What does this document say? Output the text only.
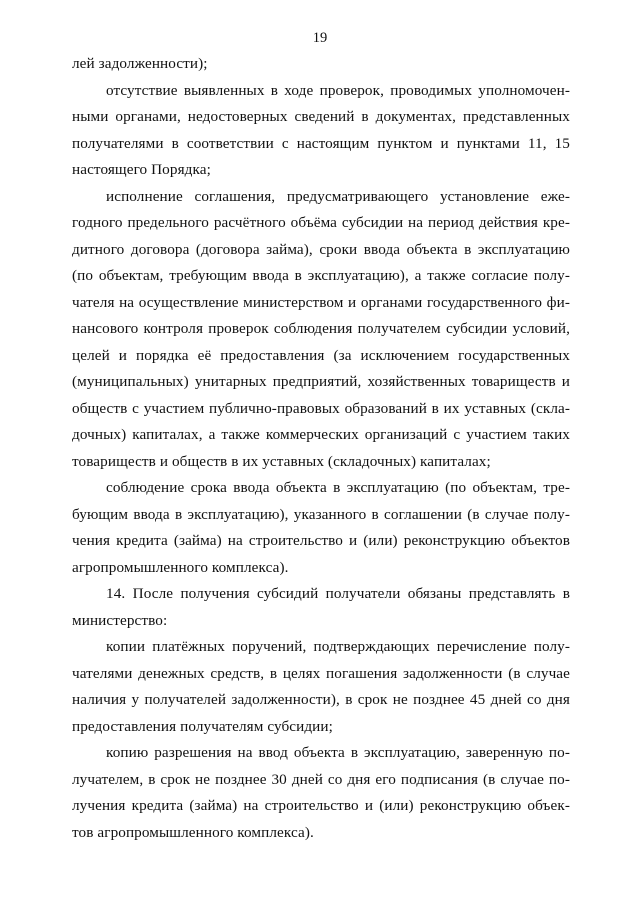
19
лей задолженности);
отсутствие выявленных в ходе проверок, проводимых уполномочен-
ными органами, недостоверных сведений в документах, представленных
получателями в соответствии с настоящим пунктом и пунктами 11, 15
настоящего Порядка;
исполнение соглашения, предусматривающего установление еже-
годного предельного расчётного объёма субсидии на период действия кре-
дитного договора (договора займа), сроки ввода объекта в эксплуатацию
(по объектам, требующим ввода в эксплуатацию), а также согласие полу-
чателя на осуществление министерством и органами государственного фи-
нансового контроля проверок соблюдения получателем субсидии условий,
целей и порядка её предоставления (за исключением государственных
(муниципальных) унитарных предприятий, хозяйственных товариществ и
обществ с участием публично-правовых образований в их уставных (скла-
дочных) капиталах, а также коммерческих организаций с участием таких
товариществ и обществ в их уставных (складочных) капиталах;
соблюдение срока ввода объекта в эксплуатацию (по объектам, тре-
бующим ввода в эксплуатацию), указанного в соглашении (в случае полу-
чения кредита (займа) на строительство и (или) реконструкцию объектов
агропромышленного комплекса).
14. После получения субсидий получатели обязаны представлять в
министерство:
копии платёжных поручений, подтверждающих перечисление полу-
чателями денежных средств, в целях погашения задолженности (в случае
наличия у получателей задолженности), в срок не позднее 45 дней со дня
предоставления получателям субсидии;
копию разрешения на ввод объекта в эксплуатацию, заверенную по-
лучателем, в срок не позднее 30 дней со дня его подписания (в случае по-
лучения кредита (займа) на строительство и (или) реконструкцию объек-
тов агропромышленного комплекса).
